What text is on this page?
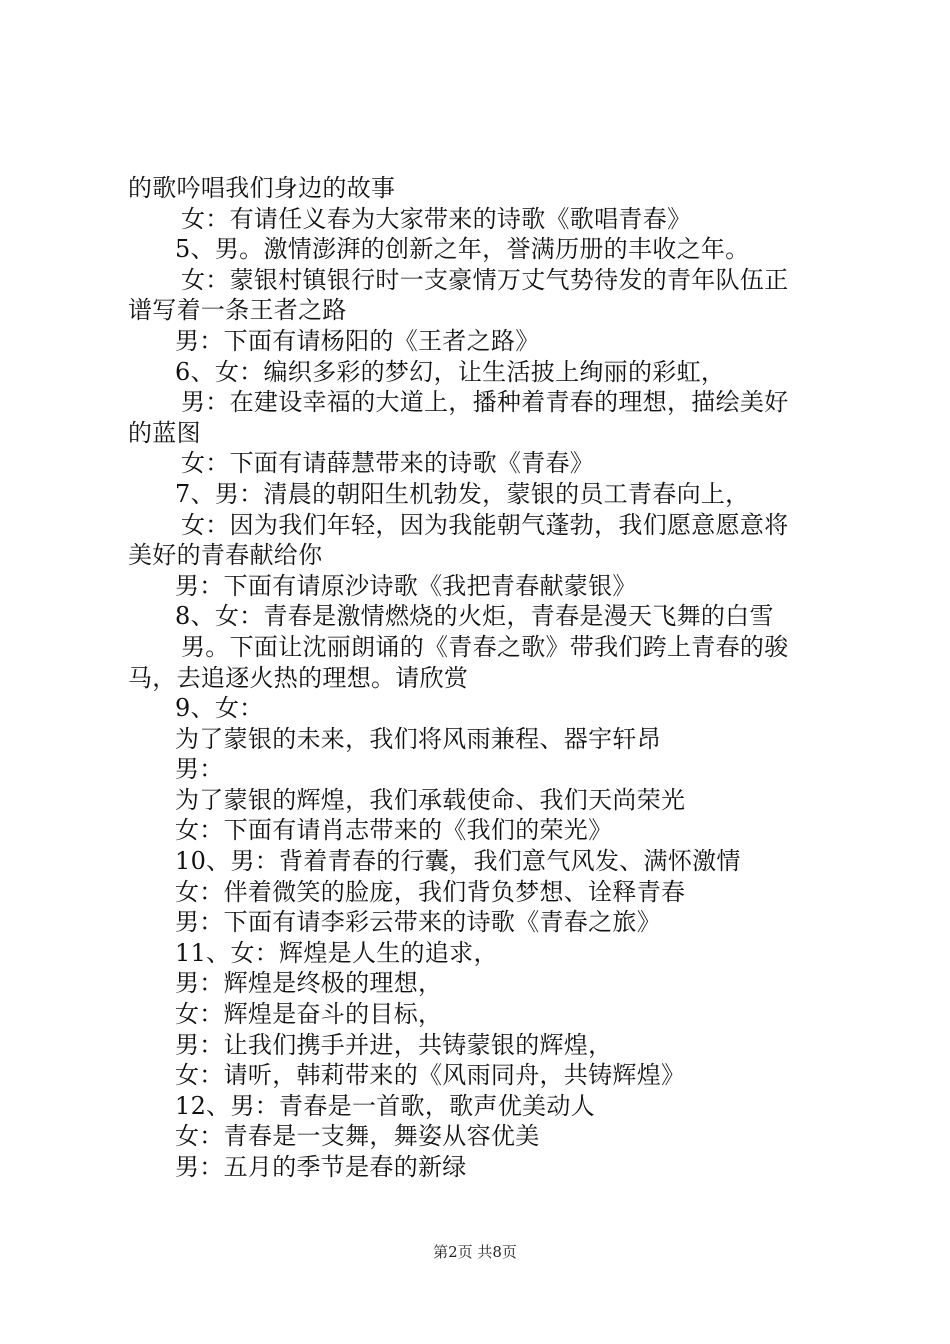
的歌吟唱我们身边的故事
女：有请任义春为大家带来的诗歌《歌唱青春》
5、男。激情澎湃的创新之年，誉满历册的丰收之年。
女：蒙银村镇银行时一支豪情万丈气势待发的青年队伍正
谱写着一条王者之路
男：下面有请杨阳的《王者之路》
6、女：编织多彩的梦幻，让生活披上绚丽的彩虹，
男：在建设幸福的大道上，播种着青春的理想，描绘美好
的蓝图
女：下面有请薛慧带来的诗歌《青春》
7、男：清晨的朝阳生机勃发，蒙银的员工青春向上，
女：因为我们年轻，因为我能朝气蓬勃，我们愿意愿意将
美好的青春献给你
男：下面有请原沙诗歌《我把青春献蒙银》
8、女：青春是激情燃烧的火炬，青春是漫天飞舞的白雪
男。下面让沈丽朗诵的《青春之歌》带我们跨上青春的骏
马，去追逐火热的理想。请欣赏
9、女：
为了蒙银的未来，我们将风雨兼程、器宇轩昂
男：
为了蒙银的辉煌，我们承载使命、我们天尚荣光
女：下面有请肖志带来的《我们的荣光》
10、男：背着青春的行囊，我们意气风发、满怀激情
女：伴着微笑的脸庞，我们背负梦想、诠释青春
男：下面有请李彩云带来的诗歌《青春之旅》
11、女：辉煌是人生的追求，
男：辉煌是终极的理想，
女：辉煌是奋斗的目标，
男：让我们携手并进，共铸蒙银的辉煌，
女：请听，韩莉带来的《风雨同舟，共铸辉煌》
12、男：青春是一首歌，歌声优美动人
女：青春是一支舞，舞姿从容优美
男：五月的季节是春的新绿
第2页 共8页
